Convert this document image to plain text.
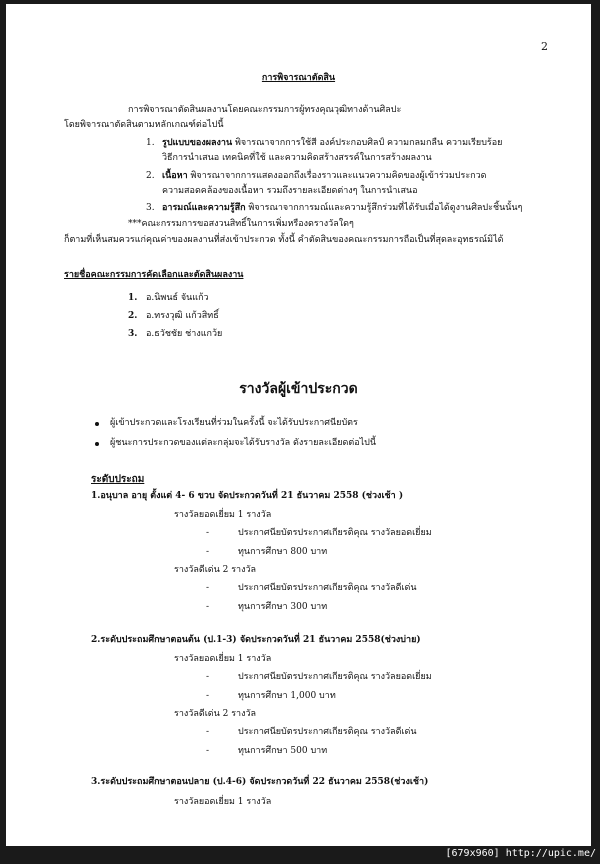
2
การพิจารณาตัดสิน
การพิจารณาตัดสินผลงานโดยคณะกรรมการผู้ทรงคุณวุฒิทางด้านศิลปะ
โดยพิจารณาตัดสินตามหลักเกณฑ์ต่อไปนี้
1. รูปแบบของผลงาน พิจารณาจากการใช้สี องค์ประกอบศิลป์ ความกลมกลืน ความเรียบร้อย
วิธีการนำเสนอ เทคนิคที่ใช้ และความคิดสร้างสรรค์ในการสร้างผลงาน
2. เนื้อหา พิจารณาจากการแสดงออกถึงเรื่องราวและแนวความคิดของผู้เข้าร่วมประกวด
ความสอดคล้องของเนื้อหา รวมถึงรายละเอียดต่างๆ ในการนำเสนอ
3. อารมณ์และความรู้สึก พิจารณาจากการมณ์และความรู้สึกร่วมที่ได้รับเมื่อได้ดูงานศิลปะชิ้นนั้นๆ
***คณะกรรมการขอสงวนสิทธิ์ในการเพิ่มหรืองดรางวัลใดๆ
ก็ตามที่เห็นสมควรแก่คุณค่าของผลงานที่ส่งเข้าประกวด ทั้งนี้ คำตัดสินของคณะกรรมการถือเป็นที่สุดละอุทธรณ์มิได้
รายชื่อคณะกรรมการคัดเลือกและตัดสินผลงาน
1. อ.นิพนธ์ จันแก้ว
2. อ.ทรงวุฒิ แก้วสิทธิ์
3. อ.ธวัชชัย ช่างแกว้ย
รางวัลผู้เข้าประกวด
ผู้เข้าประกวดและโรงเรียนที่ร่วมในครั้งนี้ จะได้รับประกาศนียบัตร
ผู้ชนะการประกวดของแต่ละกลุ่มจะได้รับรางวัล ดังรายละเอียดต่อไปนี้
ระดับประถม
1.อนุบาล อายุ ตั้งแต่ 4- 6 ขวบ จัดประกวดวันที่ 21 ธันวาคม 2558 (ช่วงเช้า )
รางวัลยอดเยี่ยม 1 รางวัล
-	ประกาศนียบัตรประกาศเกียรติคุณ รางวัลยอดเยี่ยม
-	ทุนการศึกษา 800 บาท
รางวัลดีเด่น 2 รางวัล
-	ประกาศนียบัตรประกาศเกียรติคุณ รางวัลดีเด่น
-	ทุนการศึกษา 300 บาท
2.ระดับประถมศึกษาตอนต้น (ป.1-3) จัดประกวดวันที่ 21 ธันวาคม 2558(ช่วงบ่าย)
รางวัลยอดเยี่ยม 1 รางวัล
-	ประกาศนียบัตรประกาศเกียรติคุณ รางวัลยอดเยี่ยม
-	ทุนการศึกษา 1,000 บาท
รางวัลดีเด่น 2 รางวัล
-	ประกาศนียบัตรประกาศเกียรติคุณ รางวัลดีเด่น
-	ทุนการศึกษา 500 บาท
3.ระดับประถมศึกษาตอนปลาย (ป.4-6) จัดประกวดวันที่ 22 ธันวาคม 2558(ช่วงเช้า)
รางวัลยอดเยี่ยม 1 รางวัล
[679x960] http://upic.me/
